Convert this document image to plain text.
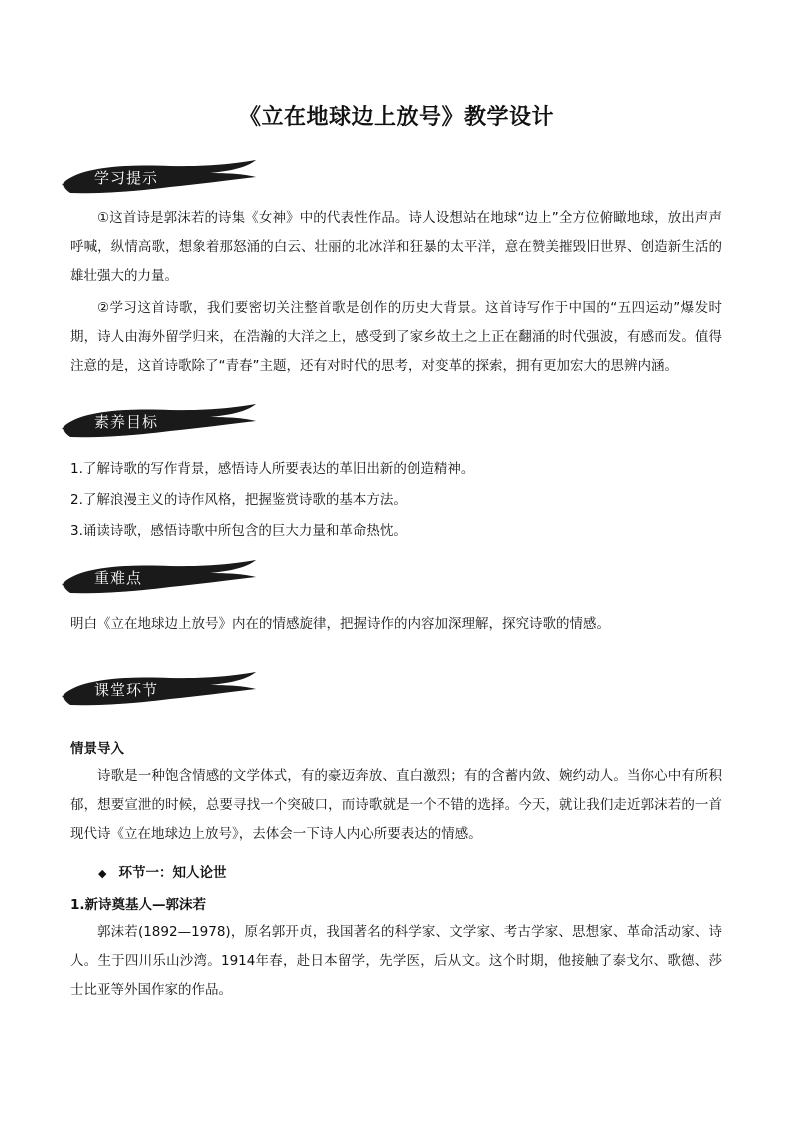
《立在地球边上放号》教学设计
学习提示
①这首诗是郭沫若的诗集《女神》中的代表性作品。诗人设想站在地球“边上”全方位俯瞰地球，放出声声呼喊，纵情高歌，想象着那怒涌的白云、壮丽的北冰洋和狂暴的太平洋，意在赞美摧毁旧世界、创造新生活的雄壮强大的力量。
②学习这首诗歌，我们要密切关注整首歌是创作的历史大背景。这首诗写作于中国的“五四运动”爆发时期，诗人由海外留学归来，在浩瀚的大洋之上，感受到了家乡故土之上正在翻涌的时代强波，有感而发。值得注意的是，这首诗歌除了“青春”主题，还有对时代的思考，对变革的探索，拥有更加宏大的思辨内涵。
素养目标
1.了解诗歌的写作背景，感悟诗人所要表达的革旧出新的创造精神。
2.了解浪漫主义的诗作风格，把握鉴赏诗歌的基本方法。
3.诵读诗歌，感悟诗歌中所包含的巨大力量和革命热忱。
重难点
明白《立在地球边上放号》内在的情感旋律，把握诗作的内容加深理解，探究诗歌的情感。
课堂环节
情景导入
诗歌是一种饱含情感的文学体式，有的豪迈奔放、直白激烈；有的含蓄内敛、婉约动人。当你心中有所积郁，想要宣泄的时候，总要寻找一个突破口，而诗歌就是一个不错的选择。今天，就让我们走近郭沫若的一首现代诗《立在地球边上放号》，去体会一下诗人内心所要表达的情感。
◆ 环节一：知人论世
1.新诗奠基人—郭沫若
郭沫若(1892—1978)，原名郭开贞，我国著名的科学家、文学家、考古学家、思想家、革命活动家、诗人。生于四川乐山沙湾。1914年春，赴日本留学，先学医，后从文。这个时期，他接触了泰戈尔、歌德、莎士比亚等外国作家的作品。
